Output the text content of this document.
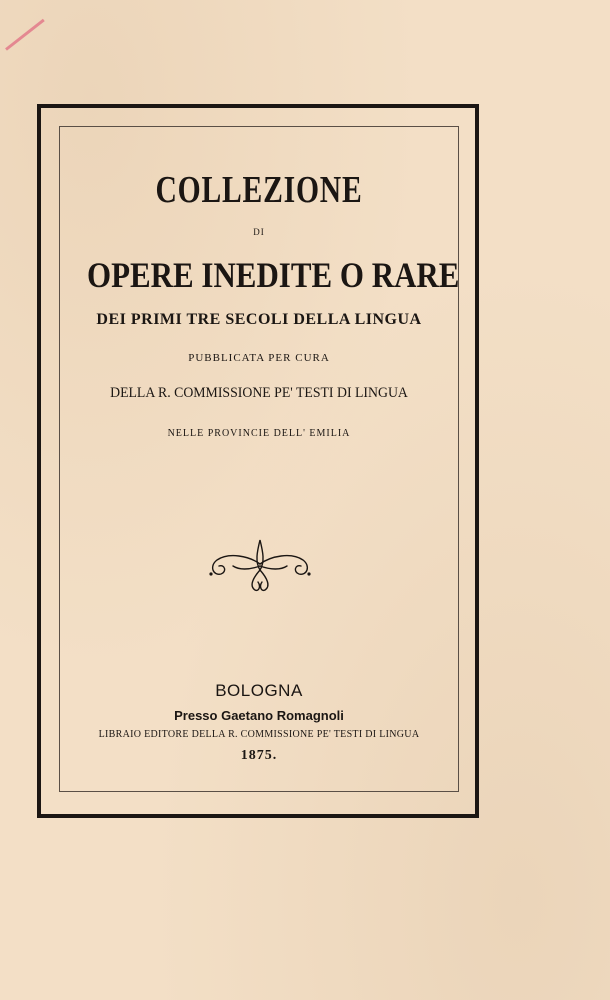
COLLEZIONE
DI
OPERE INEDITE O RARE
DEI PRIMI TRE SECOLI DELLA LINGUA
PUBBLICATA PER CURA
DELLA R. COMMISSIONE PE' TESTI DI LINGUA
NELLE PROVINCIE DELL' EMILIA
BOLOGNA
Presso Gaetano Romagnoli
LIBRAIO EDITORE DELLA R. COMMISSIONE PE' TESTI DI LINGUA
1875.
